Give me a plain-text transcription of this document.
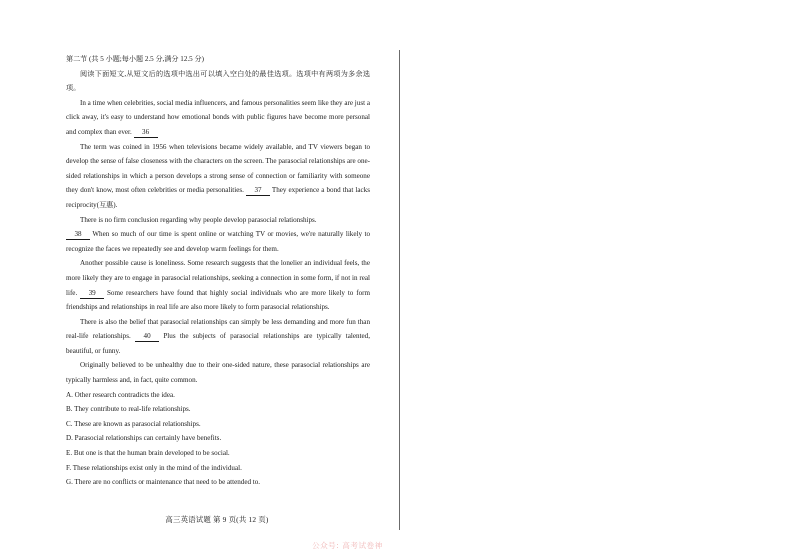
第二节 (共 5 小题;每小题 2.5 分,满分 12.5 分)

阅读下面短文,从短文后的选项中选出可以填入空白处的最佳选项。选项中有两项为多余选项。

In a time when celebrities, social media influencers, and famous personalities seem like they are just a click away, it's easy to understand how emotional bonds with public figures have become more personal and complex than ever. 36

The term was coined in 1956 when televisions became widely available, and TV viewers began to develop the sense of false closeness with the characters on the screen. The parasocial relationships are one-sided relationships in which a person develops a strong sense of connection or familiarity with someone they don't know, most often celebrities or media personalities. 37 They experience a bond that lacks reciprocity(互惠).

There is no firm conclusion regarding why people develop parasocial relationships.
38 When so much of our time is spent online or watching TV or movies, we're naturally likely to recognize the faces we repeatedly see and develop warm feelings for them.

Another possible cause is loneliness. Some research suggests that the lonelier an individual feels, the more likely they are to engage in parasocial relationships, seeking a connection in some form, if not in real life. 39 Some researchers have found that highly social individuals who are more likely to form friendships and relationships in real life are also more likely to form parasocial relationships.

There is also the belief that parasocial relationships can simply be less demanding and more fun than real-life relationships. 40 Plus the subjects of parasocial relationships are typically talented, beautiful, or funny.

Originally believed to be unhealthy due to their one-sided nature, these parasocial relationships are typically harmless and, in fact, quite common.

A. Other research contradicts the idea.

B. They contribute to real-life relationships.

C. These are known as parasocial relationships.

D. Parasocial relationships can certainly have benefits.

E. But one is that the human brain developed to be social.

F. These relationships exist only in the mind of the individual.

G. There are no conflicts or maintenance that need to be attended to.

高三英语试题 第 9 页(共 12 页)
公众号: 高考试卷神
